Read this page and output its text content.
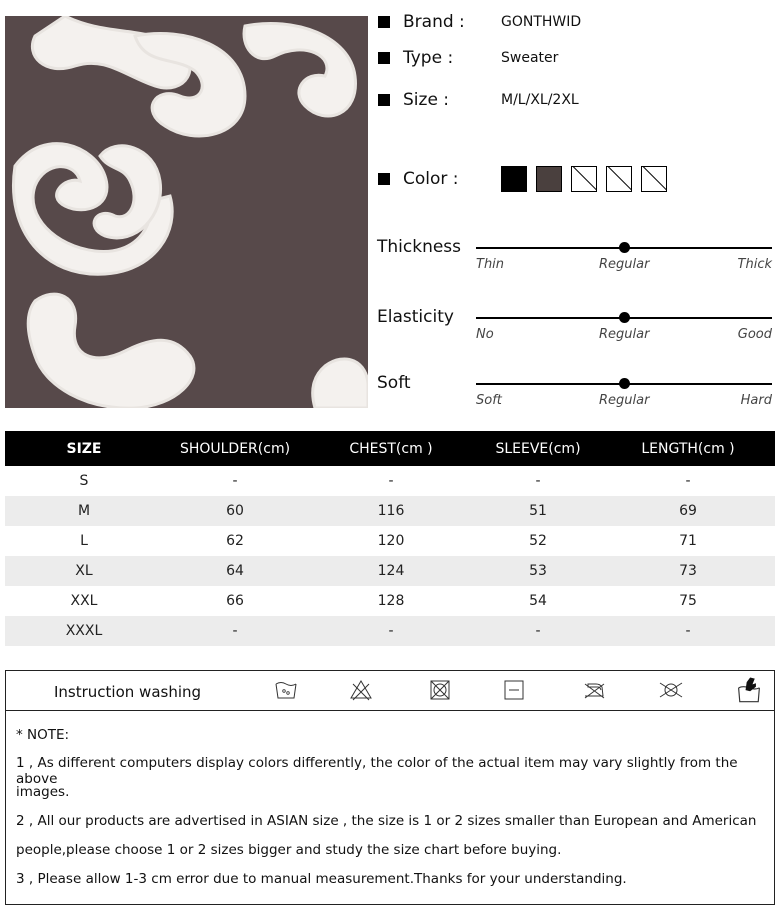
Brand :	GONTHWID
Type :	Sweater
Size :	M/L/XL/2XL
Color :
Thickness
Thin	Regular	Thick
Elasticity
No	Regular	Good
Soft
Soft	Regular	Hard
SIZE	SHOULDER(cm)	CHEST(cm )	SLEEVE(cm)	LENGTH(cm )
S	-	-	-	-
M	60	116	51	69
L	62	120	52	71
XL	64	124	53	73
XXL	66	128	54	75
XXXL	-	-	-	-
Instruction washing
* NOTE:
1 , As different computers display colors differently, the color of the actual item may vary slightly from the above
images.
2 , All our products are advertised in ASIAN size , the size is 1 or 2 sizes smaller than European and American
people,please choose 1 or 2 sizes bigger and study the size chart before buying.
3 , Please allow 1-3 cm error due to manual measurement.Thanks for your understanding.
